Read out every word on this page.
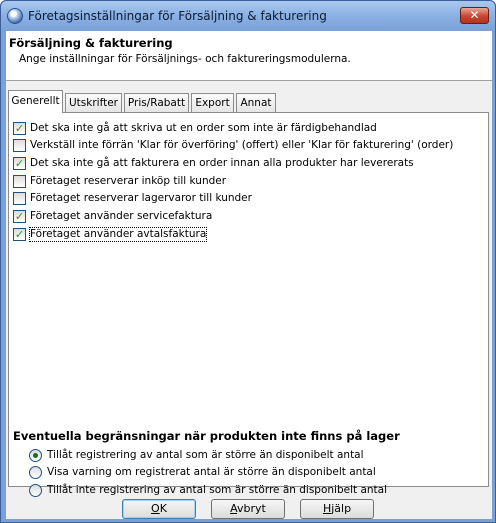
Företagsinställningar för Försäljning & fakturering	✕
Försäljning & fakturering
Ange inställningar för Försäljnings- och faktureringsmodulerna.
Generellt Utskrifter Pris/Rabatt Export	Annat
✓ Det ska inte gå att skriva ut en order som inte är färdigbehandlad
Verkställ inte förrän 'Klar för överföring' (offert) eller 'Klar för fakturering' (order)
✓ Det ska inte gå att fakturera en order innan alla produkter har levererats
Företaget reserverar inköp till kunder
Företaget reserverar lagervaror till kunder
✓ Företaget använder servicefaktura
✓ Företaget använder avtalsfaktura
Eventuella begränsningar när produkten inte finns på lager
Tillåt registrering av antal som är större än disponibelt antal
Visa varning om registrerat antal är större än disponibelt antal
Tillåt inte registrering av antal som är större än disponibelt antal
OK	Avbryt	Hjälp
